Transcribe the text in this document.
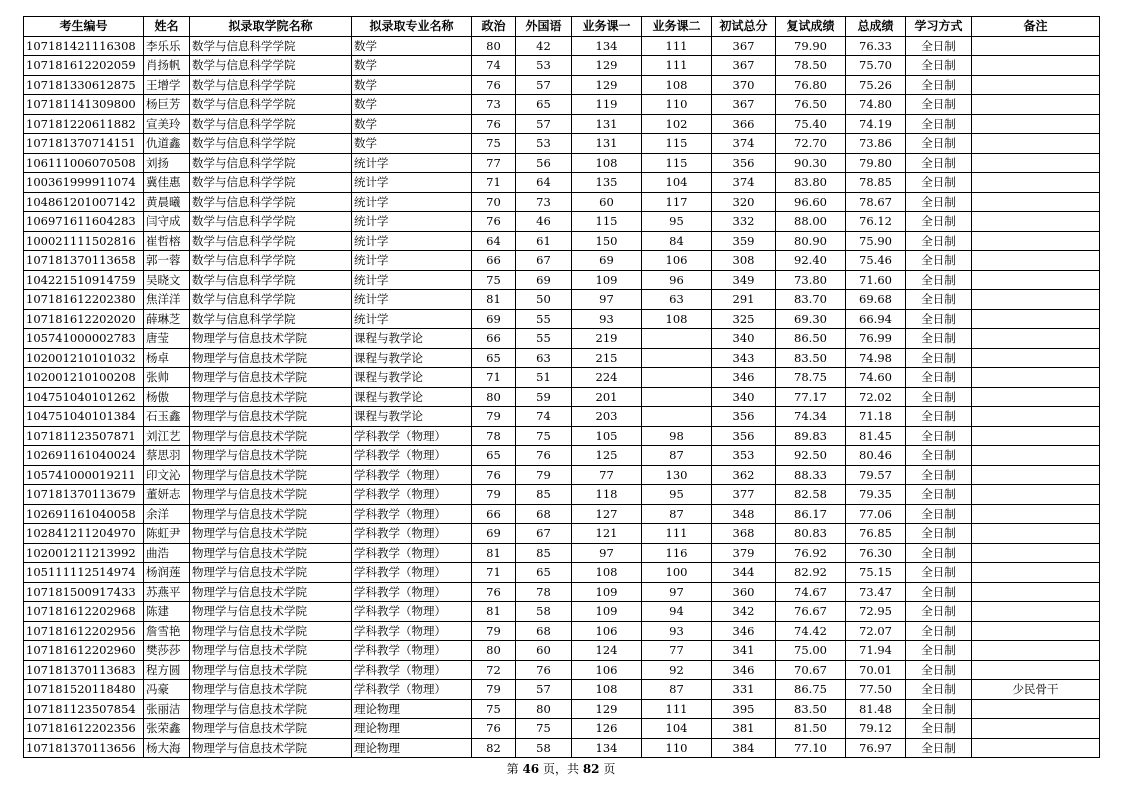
考生编号	姓名	拟录取学院名称	拟录取专业名称	政治	外国语	业务课一	业务课二	初试总分	复试成绩	总成绩	学习方式	备注
107181421116308	李乐乐	数学与信息科学学院	数学	80	42	134	111	367	79.90	76.33	全日制	
107181612202059	肖扬帆	数学与信息科学学院	数学	74	53	129	111	367	78.50	75.70	全日制	
107181330612875	王增学	数学与信息科学学院	数学	76	57	129	108	370	76.80	75.26	全日制	
107181141309800	杨巨芳	数学与信息科学学院	数学	73	65	119	110	367	76.50	74.80	全日制	
107181220611882	宣美玲	数学与信息科学学院	数学	76	57	131	102	366	75.40	74.19	全日制	
107181370714151	仇道鑫	数学与信息科学学院	数学	75	53	131	115	374	72.70	73.86	全日制	
106111006070508	刘扬	数学与信息科学学院	统计学	77	56	108	115	356	90.30	79.80	全日制	
100361999911074	冀佳惠	数学与信息科学学院	统计学	71	64	135	104	374	83.80	78.85	全日制	
104861201007142	黄晨曦	数学与信息科学学院	统计学	70	73	60	117	320	96.60	78.67	全日制	
106971611604283	闫守成	数学与信息科学学院	统计学	76	46	115	95	332	88.00	76.12	全日制	
100021111502816	崔哲榕	数学与信息科学学院	统计学	64	61	150	84	359	80.90	75.90	全日制	
107181370113658	郭一蓉	数学与信息科学学院	统计学	66	67	69	106	308	92.40	75.46	全日制	
104221510914759	吴晓文	数学与信息科学学院	统计学	75	69	109	96	349	73.80	71.60	全日制	
107181612202380	焦洋洋	数学与信息科学学院	统计学	81	50	97	63	291	83.70	69.68	全日制	
107181612202020	薛琳芝	数学与信息科学学院	统计学	69	55	93	108	325	69.30	66.94	全日制	
105741000002783	唐莹	物理学与信息技术学院	课程与教学论	66	55	219		340	86.50	76.99	全日制	
102001210101032	杨卓	物理学与信息技术学院	课程与教学论	65	63	215		343	83.50	74.98	全日制	
102001210100208	张帅	物理学与信息技术学院	课程与教学论	71	51	224		346	78.75	74.60	全日制	
104751040101262	杨傲	物理学与信息技术学院	课程与教学论	80	59	201		340	77.17	72.02	全日制	
104751040101384	石玉鑫	物理学与信息技术学院	课程与教学论	79	74	203		356	74.34	71.18	全日制	
107181123507871	刘江艺	物理学与信息技术学院	学科教学（物理）	78	75	105	98	356	89.83	81.45	全日制	
102691161040024	蔡思羽	物理学与信息技术学院	学科教学（物理）	65	76	125	87	353	92.50	80.46	全日制	
105741000019211	印文沁	物理学与信息技术学院	学科教学（物理）	76	79	77	130	362	88.33	79.57	全日制	
107181370113679	董妍志	物理学与信息技术学院	学科教学（物理）	79	85	118	95	377	82.58	79.35	全日制	
102691161040058	余洋	物理学与信息技术学院	学科教学（物理）	66	68	127	87	348	86.17	77.06	全日制	
102841211204970	陈虹尹	物理学与信息技术学院	学科教学（物理）	69	67	121	111	368	80.83	76.85	全日制	
102001211213992	曲浩	物理学与信息技术学院	学科教学（物理）	81	85	97	116	379	76.92	76.30	全日制	
105111112514974	杨润莲	物理学与信息技术学院	学科教学（物理）	71	65	108	100	344	82.92	75.15	全日制	
107181500917433	苏燕平	物理学与信息技术学院	学科教学（物理）	76	78	109	97	360	74.67	73.47	全日制	
107181612202968	陈建	物理学与信息技术学院	学科教学（物理）	81	58	109	94	342	76.67	72.95	全日制	
107181612202956	詹雪艳	物理学与信息技术学院	学科教学（物理）	79	68	106	93	346	74.42	72.07	全日制	
107181612202960	樊莎莎	物理学与信息技术学院	学科教学（物理）	80	60	124	77	341	75.00	71.94	全日制	
107181370113683	程方圆	物理学与信息技术学院	学科教学（物理）	72	76	106	92	346	70.67	70.01	全日制	
107181520118480	冯豪	物理学与信息技术学院	学科教学（物理）	79	57	108	87	331	86.75	77.50	全日制	少民骨干
107181123507854	张丽洁	物理学与信息技术学院	理论物理	75	80	129	111	395	83.50	81.48	全日制	
107181612202356	张荣鑫	物理学与信息技术学院	理论物理	76	75	126	104	381	81.50	79.12	全日制	
107181370113656	杨大海	物理学与信息技术学院	理论物理	82	58	134	110	384	77.10	76.97	全日制	
第 46 页，共 82 页
